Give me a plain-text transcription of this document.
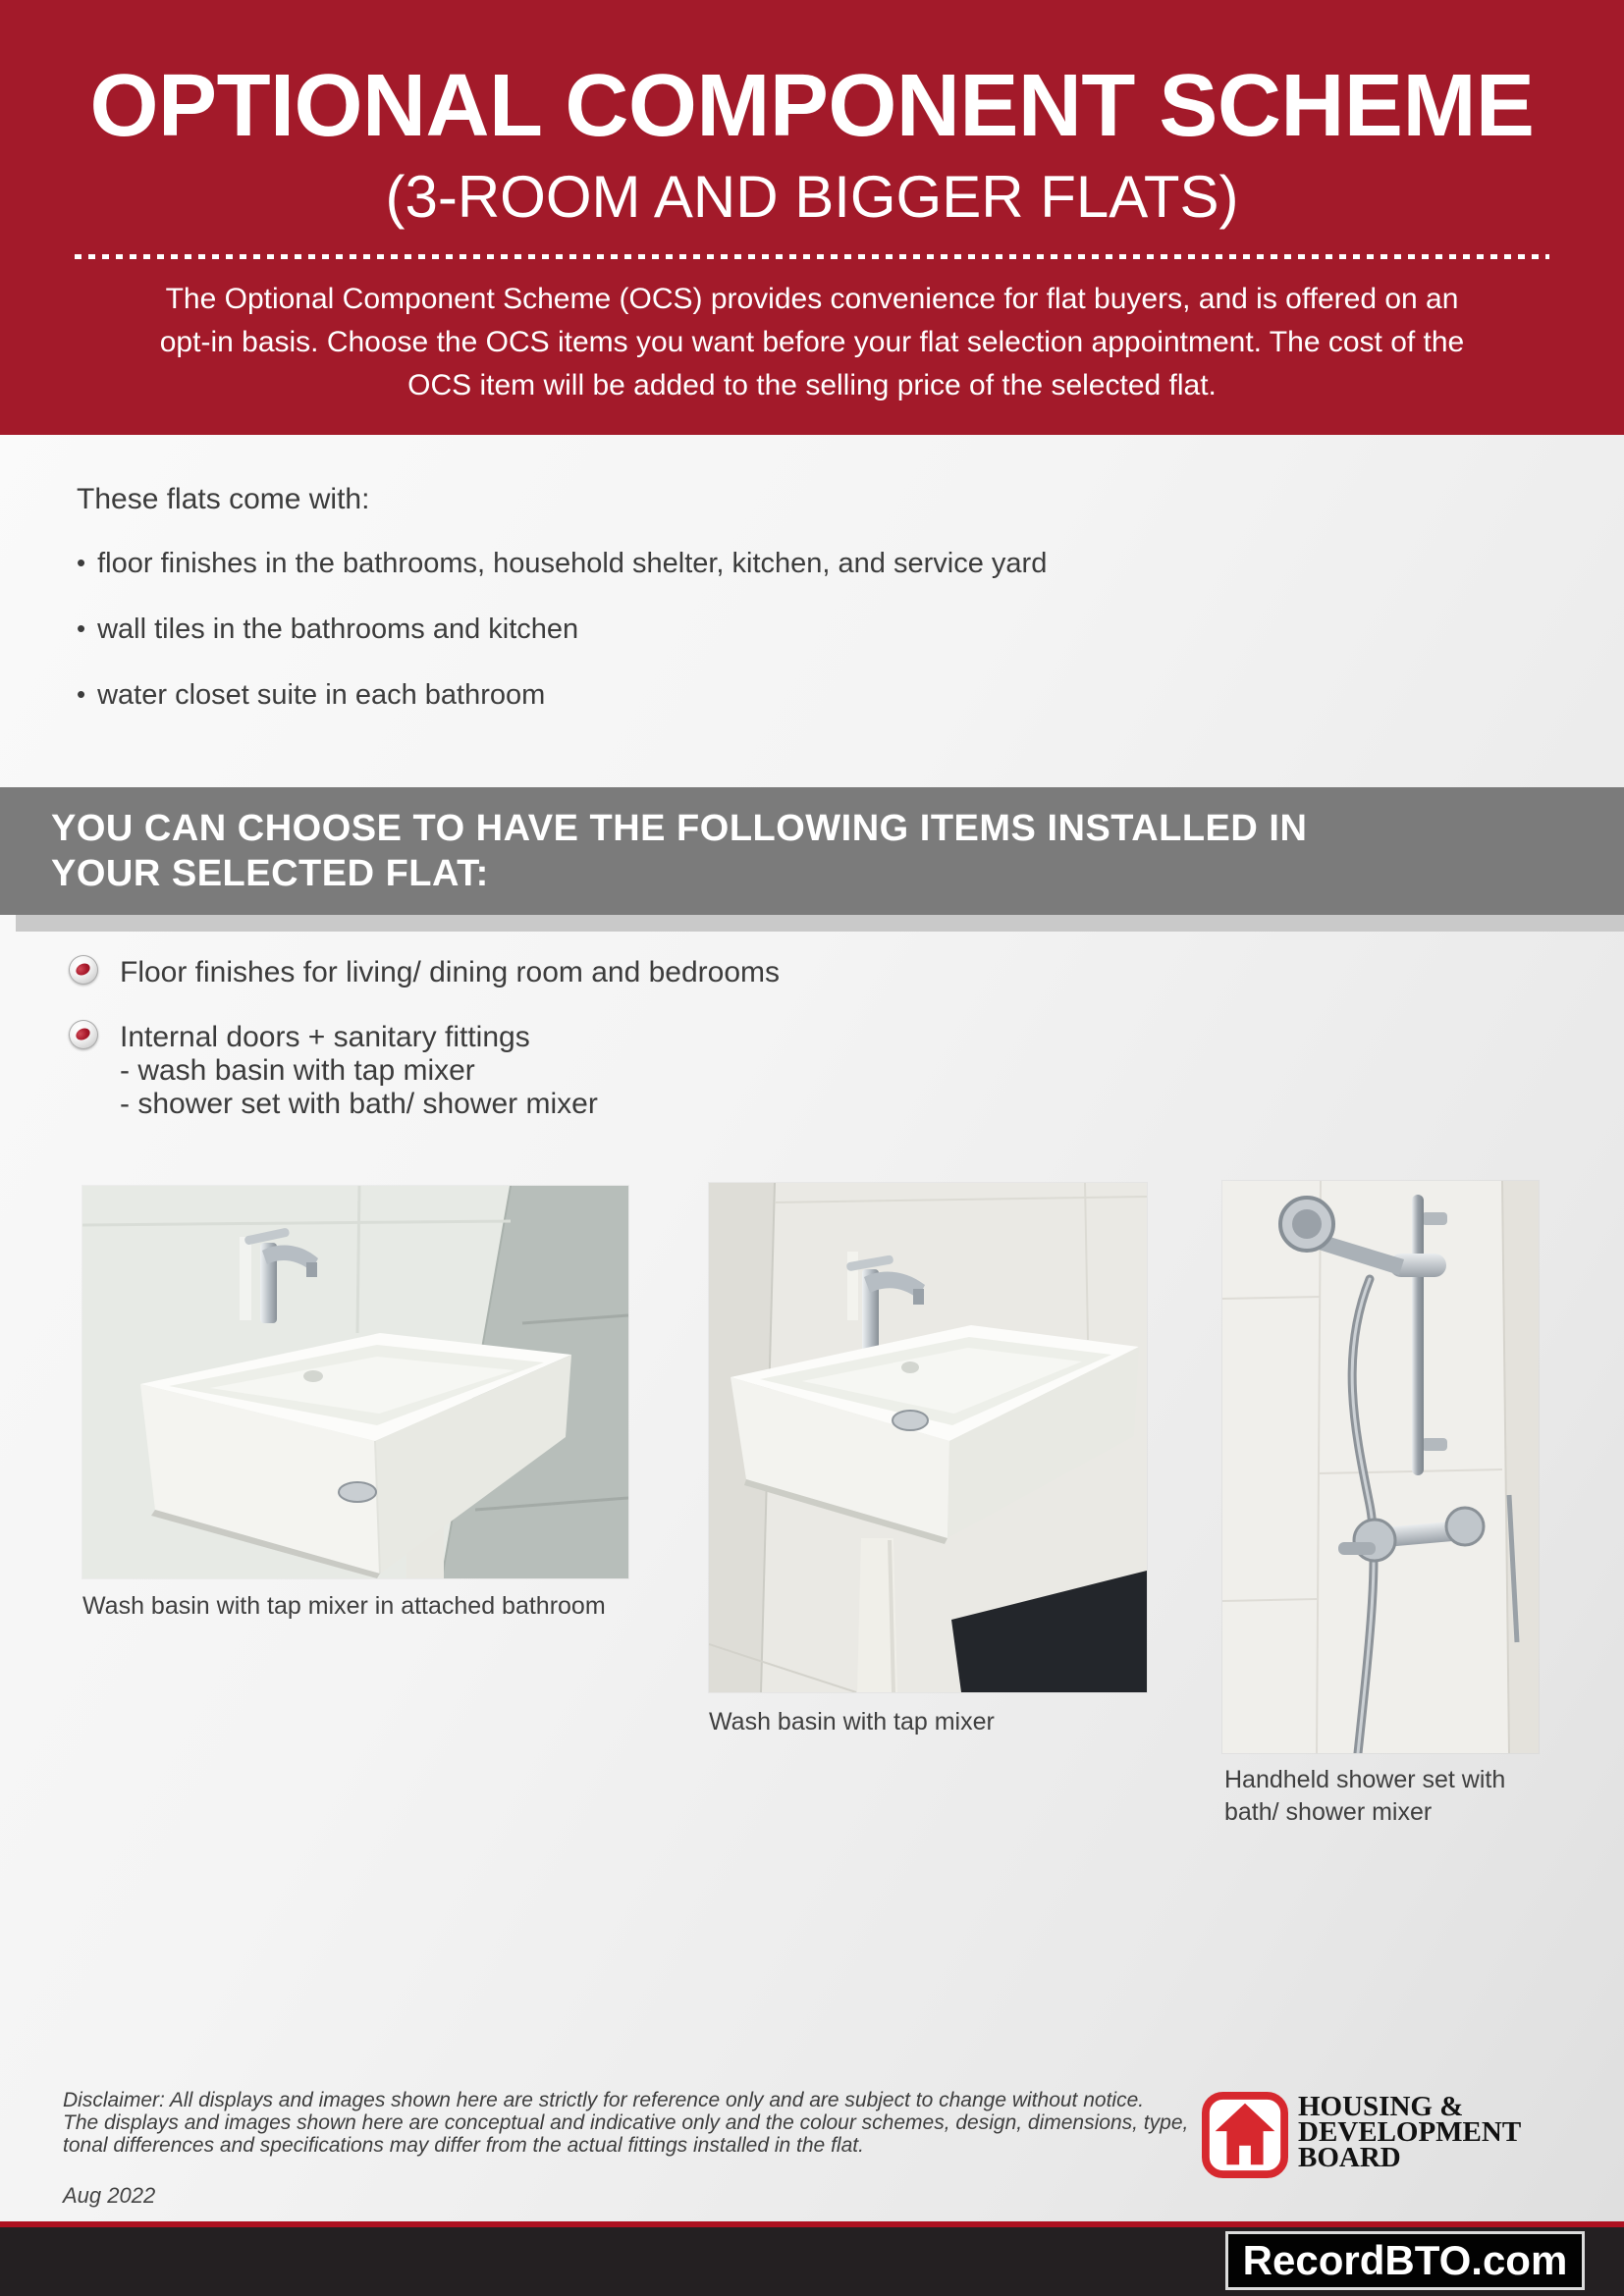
OPTIONAL COMPONENT SCHEME
(3-ROOM AND BIGGER FLATS)
The Optional Component Scheme (OCS) provides convenience for flat buyers, and is offered on an
opt-in basis. Choose the OCS items you want before your flat selection appointment. The cost of the
OCS item will be added to the selling price of the selected flat.
These flats come with:
• floor finishes in the bathrooms, household shelter, kitchen, and service yard
• wall tiles in the bathrooms and kitchen
• water closet suite in each bathroom
YOU CAN CHOOSE TO HAVE THE FOLLOWING ITEMS INSTALLED IN
YOUR SELECTED FLAT:
Floor finishes for living/ dining room and bedrooms
Internal doors + sanitary fittings
- wash basin with tap mixer
- shower set with bath/ shower mixer
Wash basin with tap mixer in attached bathroom
Wash basin with tap mixer
Handheld shower set with
bath/ shower mixer
Disclaimer: All displays and images shown here are strictly for reference only and are subject to change without notice.
The displays and images shown here are conceptual and indicative only and the colour schemes, design, dimensions, type,
tonal differences and specifications may differ from the actual fittings installed in the flat.
Aug 2022
HOUSING &
DEVELOPMENT
BOARD
RecordBTO.com
